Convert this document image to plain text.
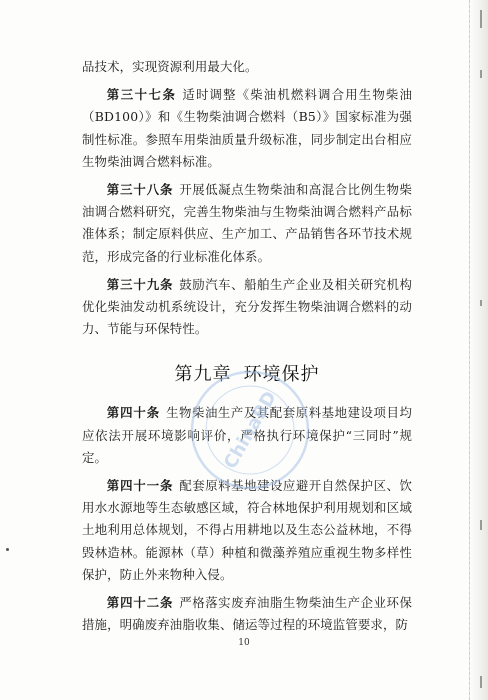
品技术，实现资源利用最大化。

第三十七条 适时调整《柴油机燃料调合用生物柴油（BD100）》和《生物柴油调合燃料（B5）》国家标准为强制性标准。参照车用柴油质量升级标准，同步制定出台相应生物柴油调合燃料标准。

第三十八条 开展低凝点生物柴油和高混合比例生物柴油调合燃料研究，完善生物柴油与生物柴油调合燃料产品标准体系；制定原料供应、生产加工、产品销售各环节技术规范，形成完备的行业标准化体系。

第三十九条 鼓励汽车、船舶生产企业及相关研究机构优化柴油发动机系统设计，充分发挥生物柴油调合燃料的动力、节能与环保特性。

第九章 环境保护

第四十条 生物柴油生产及其配套原料基地建设项目均应依法开展环境影响评价，严格执行环境保护“三同时”规定。

第四十一条 配套原料基地建设应避开自然保护区、饮用水水源地等生态敏感区域，符合林地保护利用规划和区域土地利用总体规划，不得占用耕地以及生态公益林地，不得毁林造林。能源林（草）种植和微藻养殖应重视生物多样性保护，防止外来物种入侵。

第四十二条 严格落实废弃油脂生物柴油生产企业环保措施，明确废弃油脂收集、储运等过程的环境监管要求，防

ChinaBD
10
